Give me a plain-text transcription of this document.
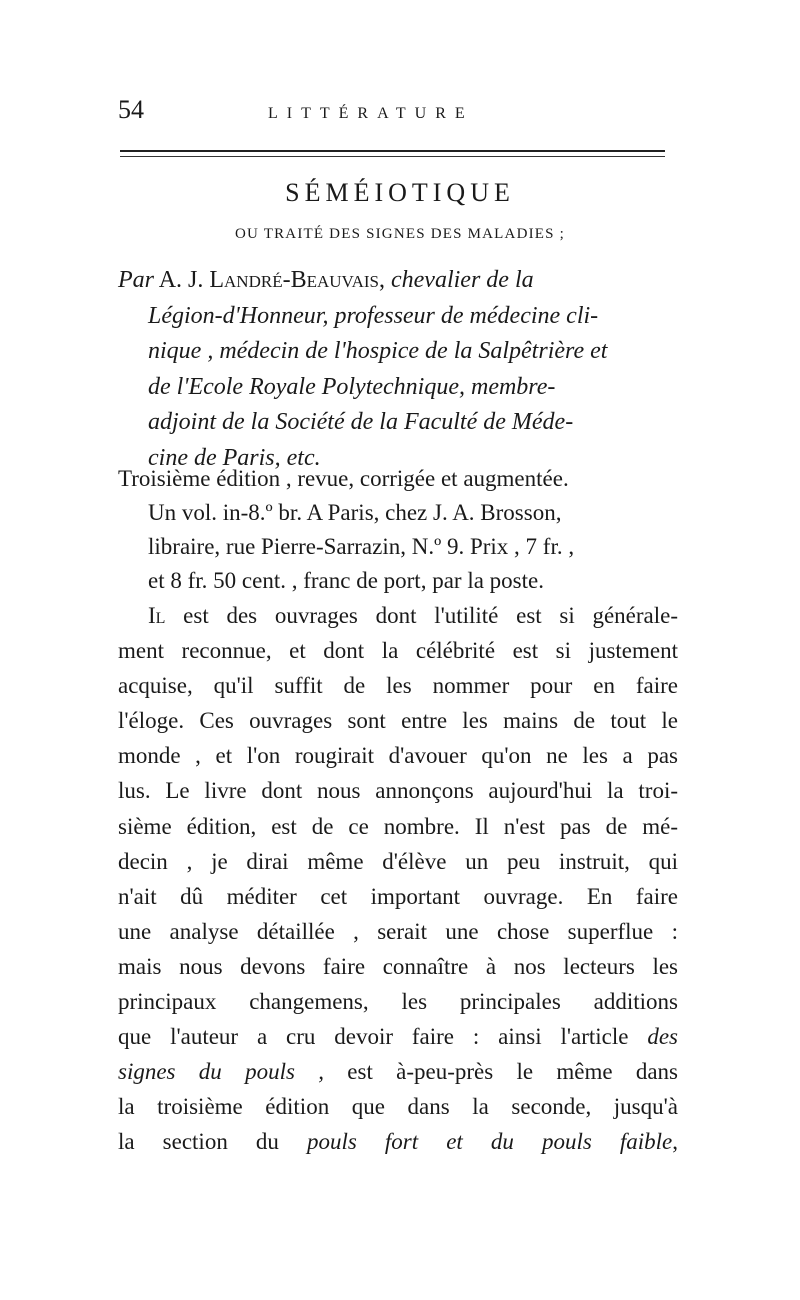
54	LITTÉRATURE
SÉMÉIOTIQUE
OU TRAITÉ DES SIGNES DES MALADIES ;
Par A. J. Landré-Beauvais, chevalier de la
Légion-d'Honneur, professeur de médecine cli-
nique , médecin de l'hospice de la Salpêtrière et
de l'Ecole Royale Polytechnique, membre-
adjoint de la Société de la Faculté de Méde-
cine de Paris, etc.
Troisième édition , revue, corrigée et augmentée.
Un vol. in-8.º br. A Paris, chez J. A. Brosson,
libraire, rue Pierre-Sarrazin, N.º 9. Prix , 7 fr. ,
et 8 fr. 50 cent. , franc de port, par la poste.
Il est des ouvrages dont l'utilité est si générale-
ment reconnue, et dont la célébrité est si justement
acquise, qu'il suffit de les nommer pour en faire
l'éloge. Ces ouvrages sont entre les mains de tout le
monde , et l'on rougirait d'avouer qu'on ne les a pas
lus. Le livre dont nous annonçons aujourd'hui la troi-
sième édition, est de ce nombre. Il n'est pas de mé-
decin , je dirai même d'élève un peu instruit, qui
n'ait dû méditer cet important ouvrage. En faire
une analyse détaillée , serait une chose superflue :
mais nous devons faire connaître à nos lecteurs les
principaux changemens, les principales additions
que l'auteur a cru devoir faire : ainsi l'article des
signes du pouls , est à-peu-près le même dans
la troisième édition que dans la seconde, jusqu'à
la section du pouls fort et du pouls faible,
